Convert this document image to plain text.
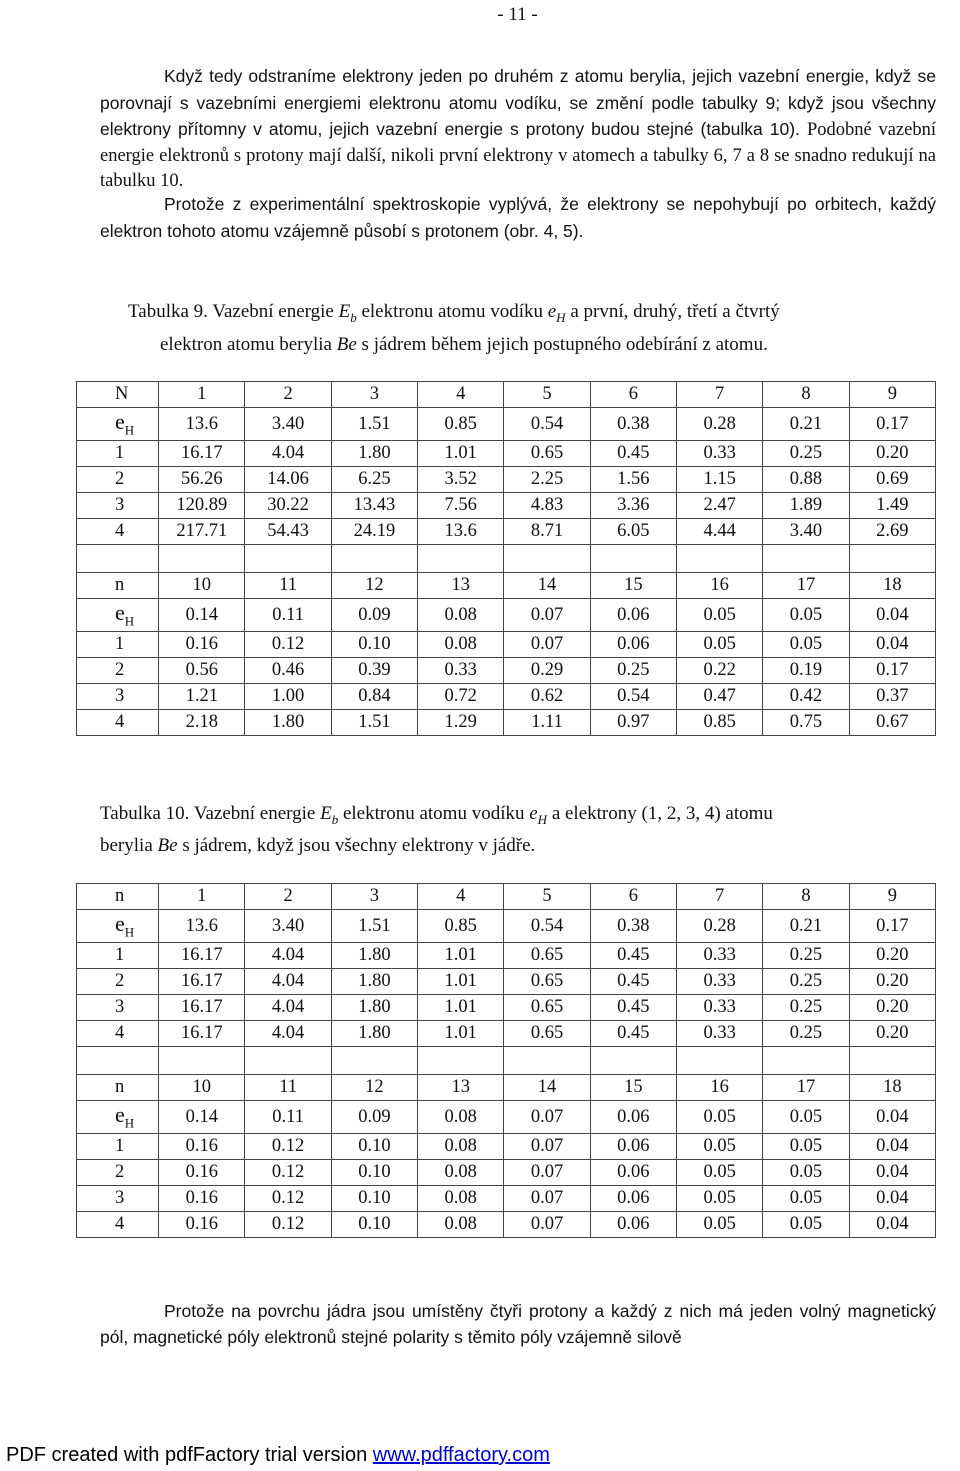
- 11 -
Když tedy odstraníme elektrony jeden po druhém z atomu berylia, jejich vazební energie, když se porovnají s vazebními energiemi elektronu atomu vodíku, se změní podle tabulky 9; když jsou všechny elektrony přítomny v atomu, jejich vazební energie s protony budou stejné (tabulka 10). Podobné vazební energie elektronů s protony mají další, nikoli první elektrony v atomech a tabulky 6, 7 a 8 se snadno redukují na tabulku 10.
Protože z experimentální spektroskopie vyplývá, že elektrony se nepohybují po orbitech, každý elektron tohoto atomu vzájemně působí s protonem (obr. 4, 5).
Tabulka 9. Vazební energie $E_b$ elektronu atomu vodíku $e_H$ a první, druhý, třetí a čtvrtý
elektron atomu berylia Be s jádrem během jejich postupného odebírání z atomu.
N	1	2	3	4	5	6	7	8	9
$e_H$	13.6	3.40	1.51	0.85	0.54	0.38	0.28	0.21	0.17
1	16.17	4.04	1.80	1.01	0.65	0.45	0.33	0.25	0.20
2	56.26	14.06	6.25	3.52	2.25	1.56	1.15	0.88	0.69
3	120.89	30.22	13.43	7.56	4.83	3.36	2.47	1.89	1.49
4	217.71	54.43	24.19	13.6	8.71	6.05	4.44	3.40	2.69

n	10	11	12	13	14	15	16	17	18
$e_H$	0.14	0.11	0.09	0.08	0.07	0.06	0.05	0.05	0.04
1	0.16	0.12	0.10	0.08	0.07	0.06	0.05	0.05	0.04
2	0.56	0.46	0.39	0.33	0.29	0.25	0.22	0.19	0.17
3	1.21	1.00	0.84	0.72	0.62	0.54	0.47	0.42	0.37
4	2.18	1.80	1.51	1.29	1.11	0.97	0.85	0.75	0.67
Tabulka 10. Vazební energie $E_b$ elektronu atomu vodíku $e_H$ a elektrony (1, 2, 3, 4) atomu
berylia Be s jádrem, když jsou všechny elektrony v jádře.
n	1	2	3	4	5	6	7	8	9
$e_H$	13.6	3.40	1.51	0.85	0.54	0.38	0.28	0.21	0.17
1	16.17	4.04	1.80	1.01	0.65	0.45	0.33	0.25	0.20
2	16.17	4.04	1.80	1.01	0.65	0.45	0.33	0.25	0.20
3	16.17	4.04	1.80	1.01	0.65	0.45	0.33	0.25	0.20
4	16.17	4.04	1.80	1.01	0.65	0.45	0.33	0.25	0.20

n	10	11	12	13	14	15	16	17	18
$e_H$	0.14	0.11	0.09	0.08	0.07	0.06	0.05	0.05	0.04
1	0.16	0.12	0.10	0.08	0.07	0.06	0.05	0.05	0.04
2	0.16	0.12	0.10	0.08	0.07	0.06	0.05	0.05	0.04
3	0.16	0.12	0.10	0.08	0.07	0.06	0.05	0.05	0.04
4	0.16	0.12	0.10	0.08	0.07	0.06	0.05	0.05	0.04
Protože na povrchu jádra jsou umístěny čtyři protony a každý z nich má jeden volný magnetický pól, magnetické póly elektronů stejné polarity s těmito póly vzájemně silově
PDF created with pdfFactory trial version www.pdffactory.com
